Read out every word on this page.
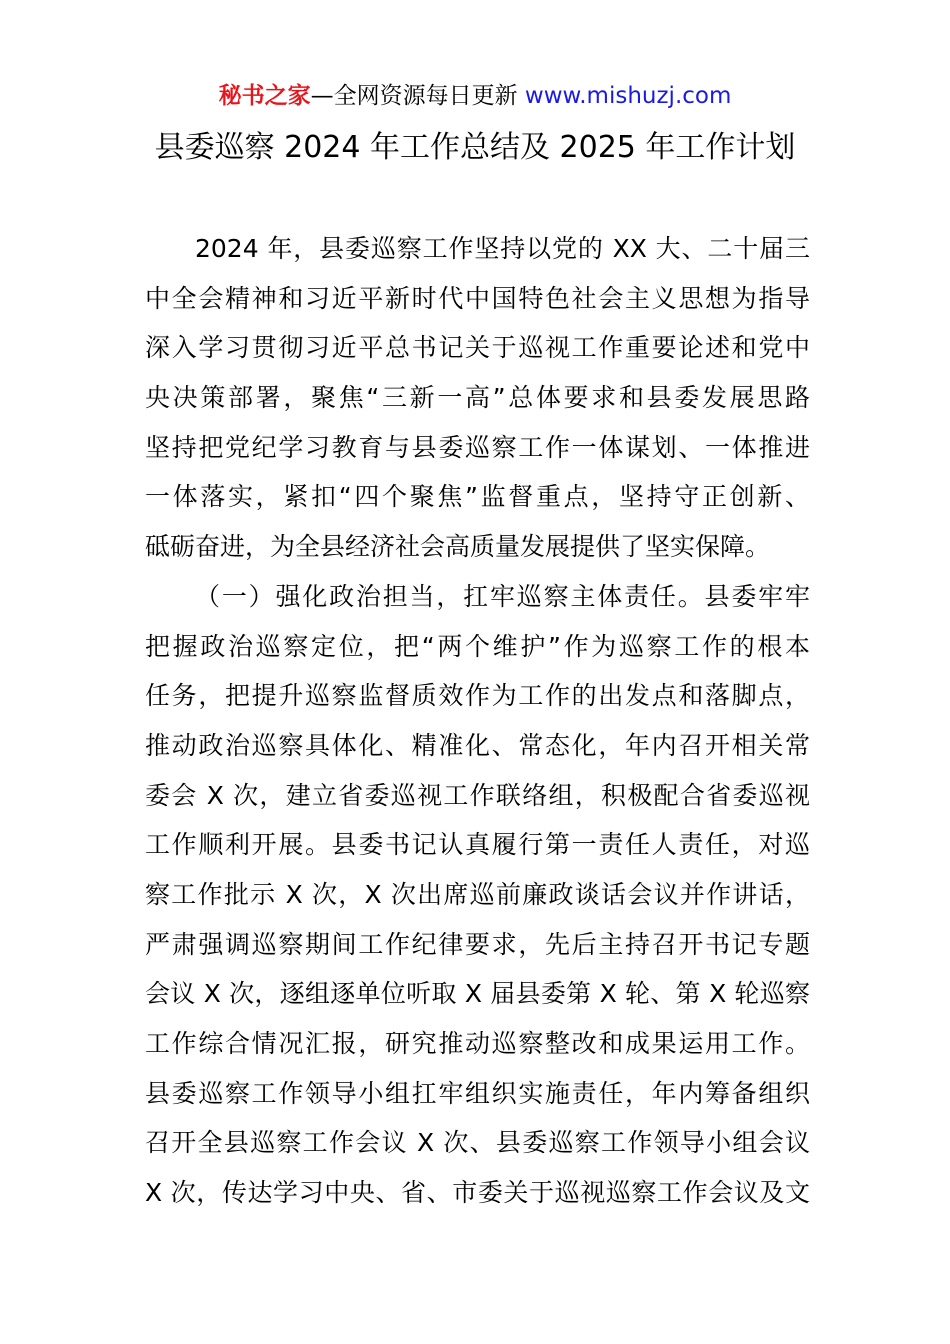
秘书之家—全网资源每日更新 www.mishuzj.com
县委巡察 2024 年工作总结及 2025 年工作计划
2024 年，县委巡察工作坚持以党的 XX 大、二十届三
中全会精神和习近平新时代中国特色社会主义思想为指导
深入学习贯彻习近平总书记关于巡视工作重要论述和党中
央决策部署，聚焦“三新一高”总体要求和县委发展思路
坚持把党纪学习教育与县委巡察工作一体谋划、一体推进
一体落实，紧扣“四个聚焦”监督重点，坚持守正创新、
砥砺奋进，为全县经济社会高质量发展提供了坚实保障。
（一）强化政治担当，扛牢巡察主体责任。县委牢牢
把握政治巡察定位，把“两个维护”作为巡察工作的根本
任务，把提升巡察监督质效作为工作的出发点和落脚点，
推动政治巡察具体化、精准化、常态化，年内召开相关常
委会 X 次，建立省委巡视工作联络组，积极配合省委巡视
工作顺利开展。县委书记认真履行第一责任人责任，对巡
察工作批示 X 次，X 次出席巡前廉政谈话会议并作讲话，
严肃强调巡察期间工作纪律要求，先后主持召开书记专题
会议 X 次，逐组逐单位听取 X 届县委第 X 轮、第 X 轮巡察
工作综合情况汇报，研究推动巡察整改和成果运用工作。
县委巡察工作领导小组扛牢组织实施责任，年内筹备组织
召开全县巡察工作会议 X 次、县委巡察工作领导小组会议
X 次，传达学习中央、省、市委关于巡视巡察工作会议及文
